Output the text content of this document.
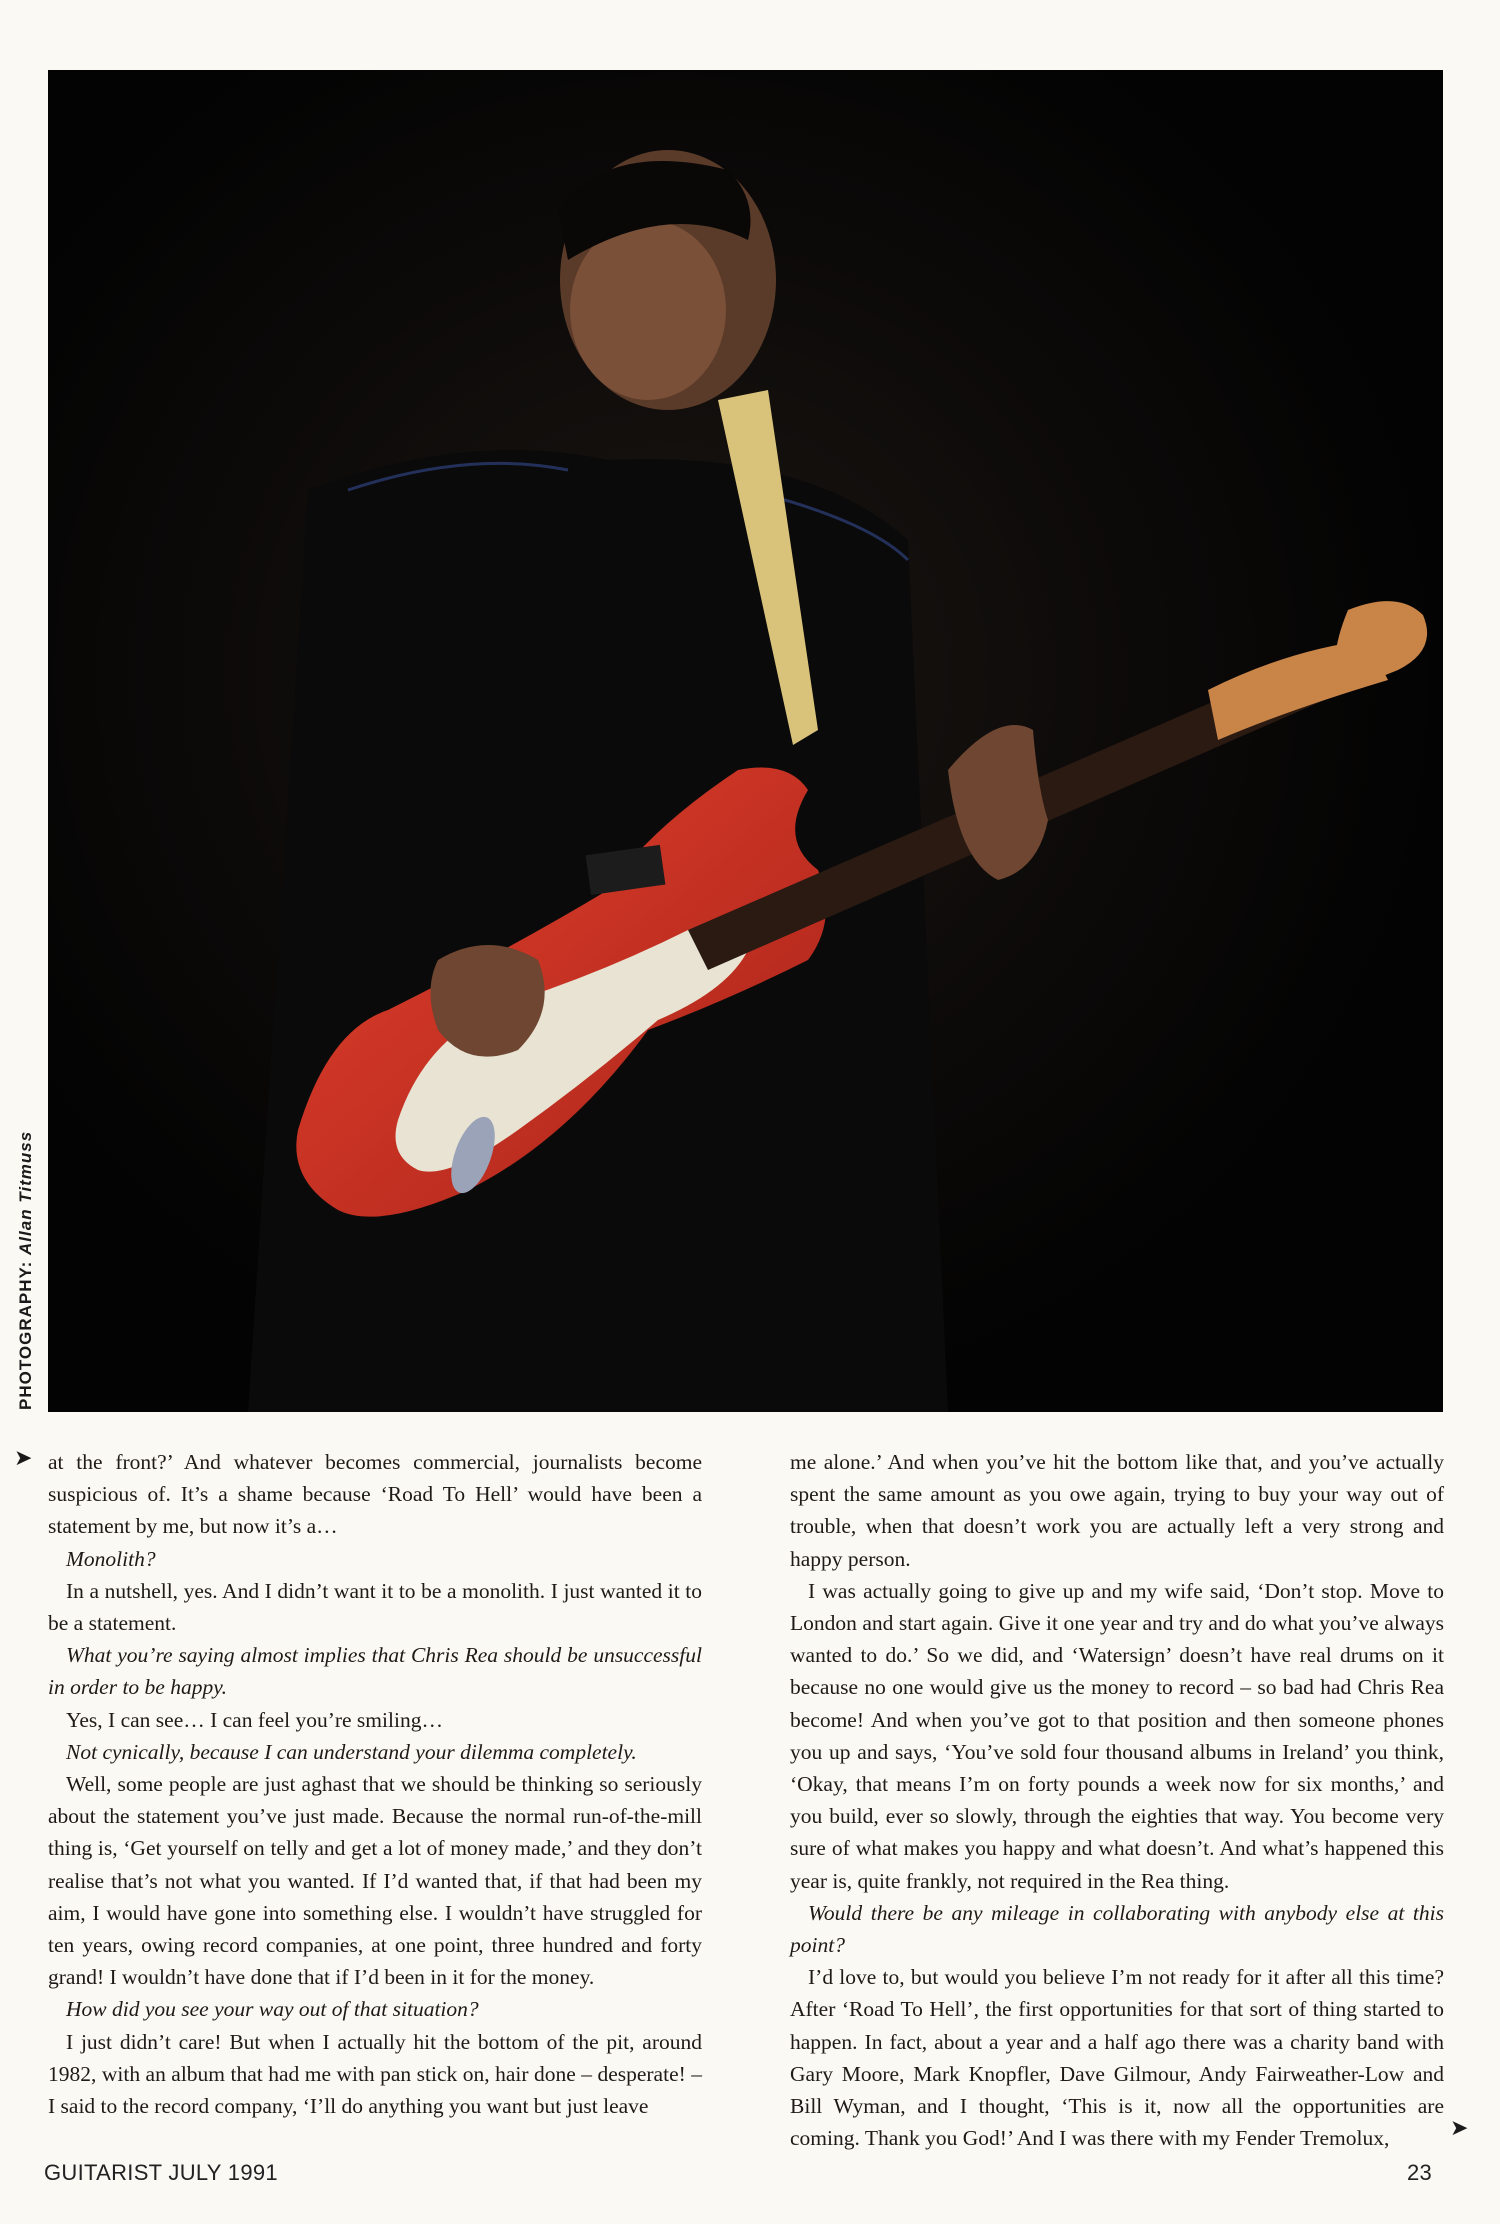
PHOTOGRAPHY: Allan Titmuss
➤ at the front?’ And whatever becomes commercial, journalists become suspicious of. It’s a shame because ‘Road To Hell’ would have been a statement by me, but now it’s a…

Monolith?

In a nutshell, yes. And I didn’t want it to be a monolith. I just wanted it to be a statement.

What you’re saying almost implies that Chris Rea should be unsuccessful in order to be happy.

Yes, I can see… I can feel you’re smiling…

Not cynically, because I can understand your dilemma completely.

Well, some people are just aghast that we should be thinking so seriously about the statement you’ve just made. Because the normal run-of-the-mill thing is, ‘Get yourself on telly and get a lot of money made,’ and they don’t realise that’s not what you wanted. If I’d wanted that, if that had been my aim, I would have gone into something else. I wouldn’t have struggled for ten years, owing record companies, at one point, three hundred and forty grand! I wouldn’t have done that if I’d been in it for the money.

How did you see your way out of that situation?

I just didn’t care! But when I actually hit the bottom of the pit, around 1982, with an album that had me with pan stick on, hair done – desperate! – I said to the record company, ‘I’ll do anything you want but just leave

me alone.’ And when you’ve hit the bottom like that, and you’ve actually spent the same amount as you owe again, trying to buy your way out of trouble, when that doesn’t work you are actually left a very strong and happy person.

I was actually going to give up and my wife said, ‘Don’t stop. Move to London and start again. Give it one year and try and do what you’ve always wanted to do.’ So we did, and ‘Watersign’ doesn’t have real drums on it because no one would give us the money to record – so bad had Chris Rea become! And when you’ve got to that position and then someone phones you up and says, ‘You’ve sold four thousand albums in Ireland’ you think, ‘Okay, that means I’m on forty pounds a week now for six months,’ and you build, ever so slowly, through the eighties that way. You become very sure of what makes you happy and what doesn’t. And what’s happened this year is, quite frankly, not required in the Rea thing.

Would there be any mileage in collaborating with anybody else at this point?

I’d love to, but would you believe I’m not ready for it after all this time? After ‘Road To Hell’, the first opportunities for that sort of thing started to happen. In fact, about a year and a half ago there was a charity band with Gary Moore, Mark Knopfler, Dave Gilmour, Andy Fairweather-Low and Bill Wyman, and I thought, ‘This is it, now all the opportunities are coming. Thank you God!’ And I was there with my Fender Tremolux,	➤
GUITARIST JULY 1991	23
